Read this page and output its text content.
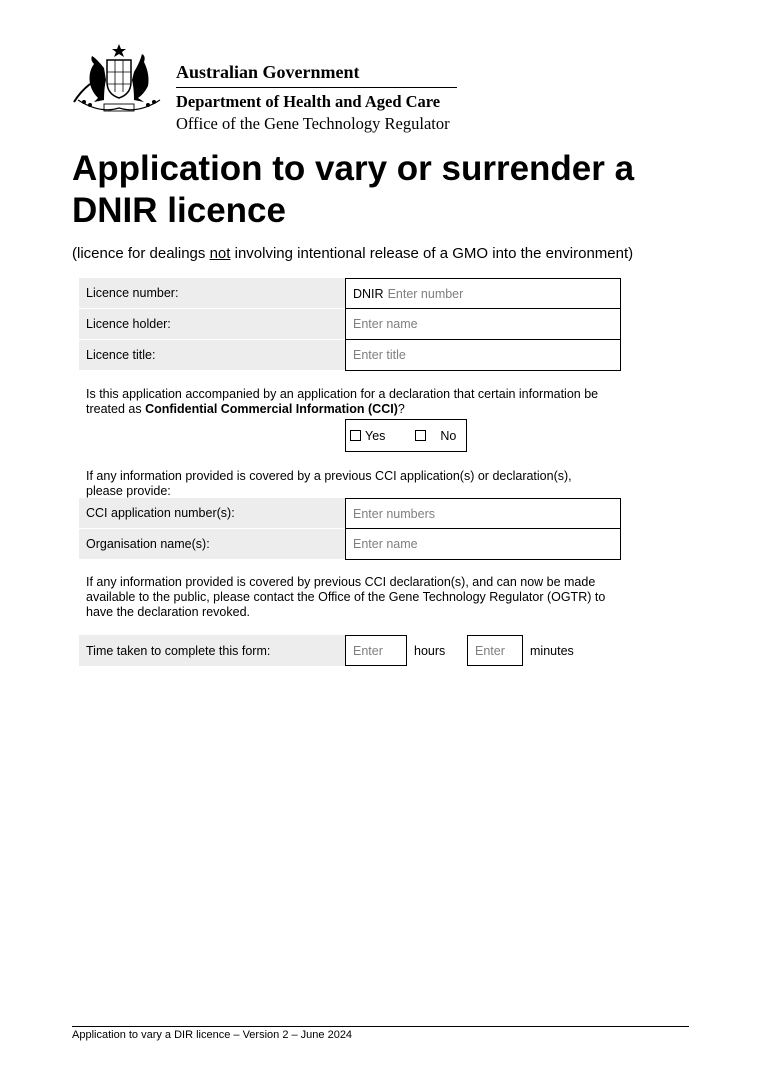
Australian Government
Department of Health and Aged Care
Office of the Gene Technology Regulator
Application to vary or surrender a DNIR licence
(licence for dealings not involving intentional release of a GMO into the environment)
Licence number:	DNIR Enter number
Licence holder:	Enter name
Licence title:	Enter title
Is this application accompanied by an application for a declaration that certain information be treated as Confidential Commercial Information (CCI)?
Yes	No
If any information provided is covered by a previous CCI application(s) or declaration(s), please provide:
CCI application number(s):	Enter numbers
Organisation name(s):	Enter name
If any information provided is covered by previous CCI declaration(s), and can now be made available to the public, please contact the Office of the Gene Technology Regulator (OGTR) to have the declaration revoked.
Time taken to complete this form:	Enter hours Enter minutes
Application to vary a DIR licence – Version 2 – June 2024
